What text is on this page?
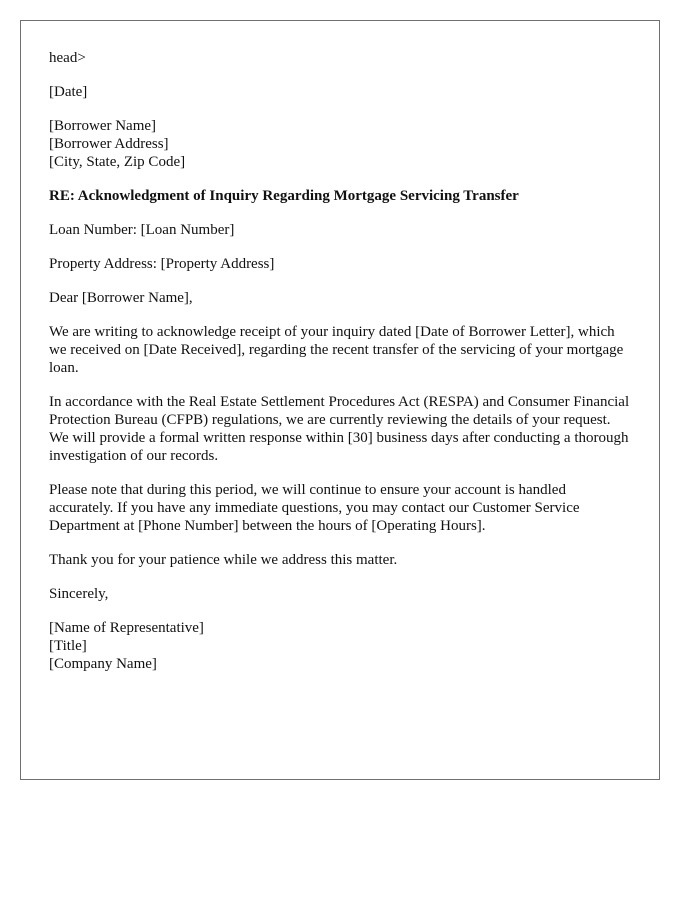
head>

[Date]

[Borrower Name]
[Borrower Address]
[City, State, Zip Code]

RE: Acknowledgment of Inquiry Regarding Mortgage Servicing Transfer

Loan Number: [Loan Number]

Property Address: [Property Address]

Dear [Borrower Name],

We are writing to acknowledge receipt of your inquiry dated [Date of Borrower Letter], which we received on [Date Received], regarding the recent transfer of the servicing of your mortgage loan.

In accordance with the Real Estate Settlement Procedures Act (RESPA) and Consumer Financial Protection Bureau (CFPB) regulations, we are currently reviewing the details of your request. We will provide a formal written response within [30] business days after conducting a thorough investigation of our records.

Please note that during this period, we will continue to ensure your account is handled accurately. If you have any immediate questions, you may contact our Customer Service Department at [Phone Number] between the hours of [Operating Hours].

Thank you for your patience while we address this matter.

Sincerely,

[Name of Representative]
[Title]
[Company Name]
